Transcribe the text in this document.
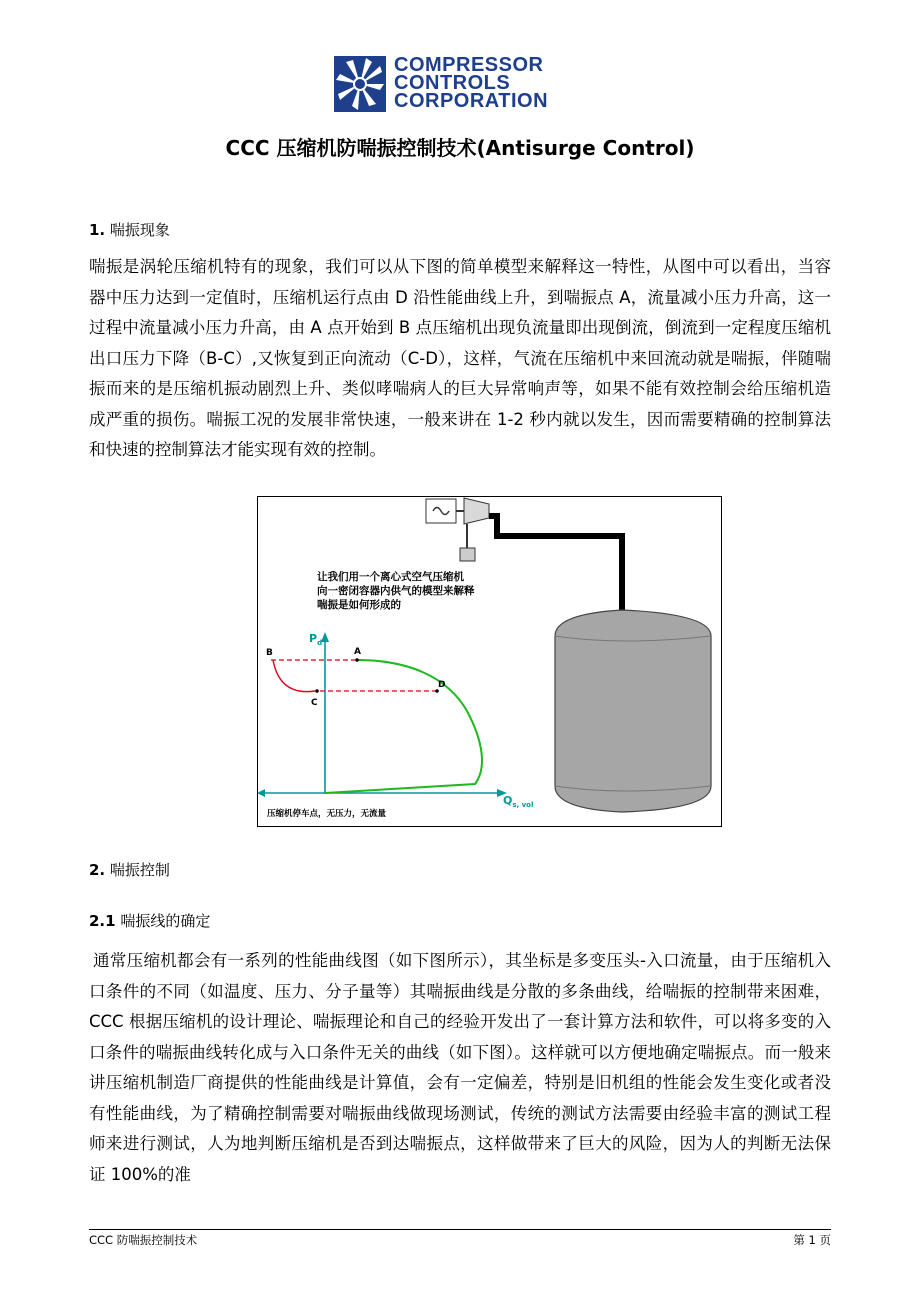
COMPRESSOR
CONTROLS
CORPORATION
CCC 压缩机防喘振控制技术(Antisurge Control)
1. 喘振现象
喘振是涡轮压缩机特有的现象，我们可以从下图的简单模型来解释这一特性，从图中可以看出，当容器中压力达到一定值时，压缩机运行点由 D 沿性能曲线上升，到喘振点 A，流量减小压力升高，这一过程中流量减小压力升高，由 A 点开始到 B 点压缩机出现负流量即出现倒流，倒流到一定程度压缩机出口压力下降（B-C）,又恢复到正向流动（C-D），这样，气流在压缩机中来回流动就是喘振，伴随喘振而来的是压缩机振动剧烈上升、类似哮喘病人的巨大异常响声等，如果不能有效控制会给压缩机造成严重的损伤。喘振工况的发展非常快速，一般来讲在 1-2 秒内就以发生，因而需要精确的控制算法和快速的控制算法才能实现有效的控制。
让我们用一个离心式空气压缩机
向一密闭容器内供气的模型来解释
喘振是如何形成的
$P_d$
$Q_{s, vol}$
A
B
C
D
压缩机停车点，无压力，无流量
2. 喘振控制
2.1 喘振线的确定
通常压缩机都会有一系列的性能曲线图（如下图所示），其坐标是多变压头-入口流量，由于压缩机入口条件的不同（如温度、压力、分子量等）其喘振曲线是分散的多条曲线，给喘振的控制带来困难，CCC 根据压缩机的设计理论、喘振理论和自己的经验开发出了一套计算方法和软件，可以将多变的入口条件的喘振曲线转化成与入口条件无关的曲线（如下图）。这样就可以方便地确定喘振点。而一般来讲压缩机制造厂商提供的性能曲线是计算值，会有一定偏差，特别是旧机组的性能会发生变化或者没有性能曲线，为了精确控制需要对喘振曲线做现场测试，传统的测试方法需要由经验丰富的测试工程师来进行测试，人为地判断压缩机是否到达喘振点，这样做带来了巨大的风险，因为人的判断无法保证 100%的准
CCC 防喘振控制技术	第 1 页
